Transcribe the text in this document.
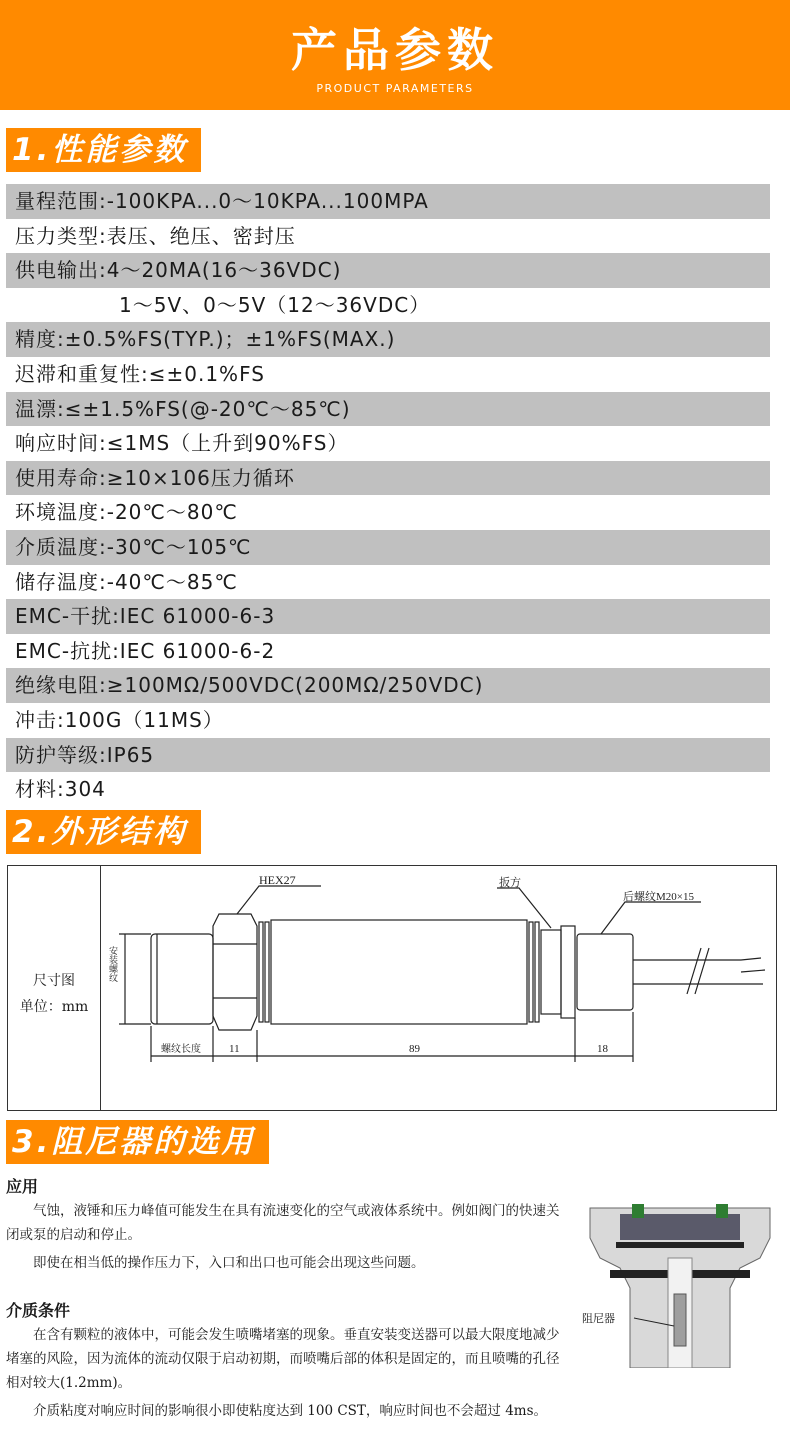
产品参数
PRODUCT PARAMETERS
1.性能参数
量程范围:-100KPA...0～10KPA...100MPA
压力类型:表压、绝压、密封压
供电输出:4～20MA(16～36VDC)
1～5V、0～5V（12～36VDC）
精度:±0.5%FS(TYP.)；±1%FS(MAX.)
迟滞和重复性:≤±0.1%FS
温漂:≤±1.5%FS(@-20℃～85℃)
响应时间:≤1MS（上升到90%FS）
使用寿命:≥10×106压力循环
环境温度:-20℃～80℃
介质温度:-30℃～105℃
储存温度:-40℃～85℃
EMC-干扰:IEC 61000-6-3
EMC-抗扰:IEC 61000-6-2
绝缘电阻:≥100MΩ/500VDC(200MΩ/250VDC)
冲击:100G（11MS）
防护等级:IP65
材料:304
2.外形结构
尺寸图
单位：mm
HEX27	扳方
后螺纹M20×15
螺纹长度	11	89	18
安装螺纹
3.阻尼器的选用
应用

气蚀，液锤和压力峰值可能发生在具有流速变化的空气或液体系统中。例如阀门的快速关闭或泵的启动和停止。

即使在相当低的操作压力下，入口和出口也可能会出现这些问题。

介质条件

在含有颗粒的液体中，可能会发生喷嘴堵塞的现象。垂直安装变送器可以最大限度地减少堵塞的风险，因为流体的流动仅限于启动初期，而喷嘴后部的体积是固定的，而且喷嘴的孔径相对较大(1.2mm)。

介质粘度对响应时间的影响很小即使粘度达到 100 CST，响应时间也不会超过 4ms。
阻尼器
